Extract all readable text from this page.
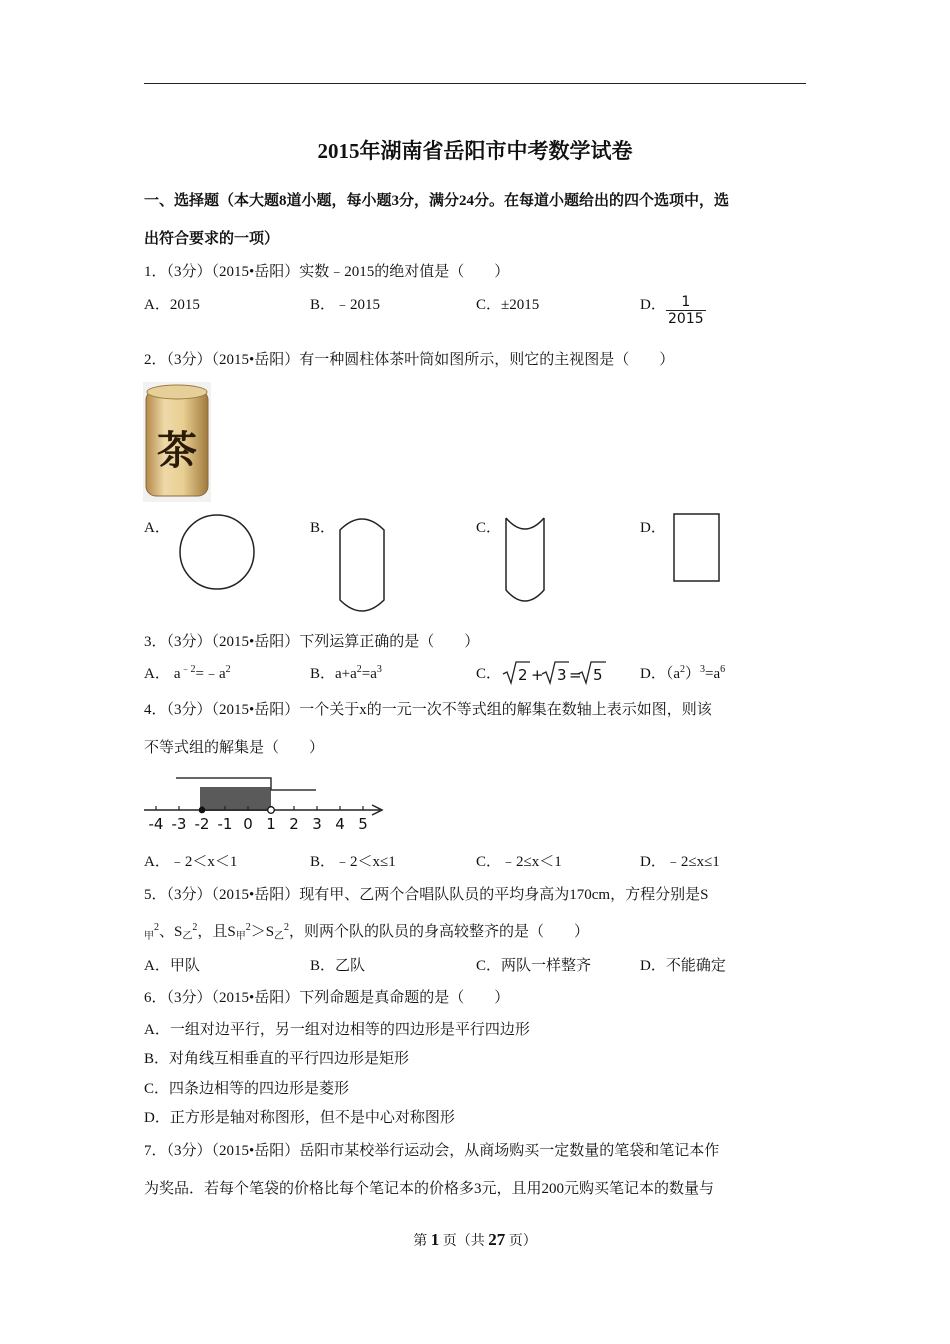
2015年湖南省岳阳市中考数学试卷
一、选择题（本大题8道小题，每小题3分，满分24分。在每道小题给出的四个选项中，选
出符合要求的一项）
1．（3分）（2015•岳阳）实数﹣2015的绝对值是（　　）
A．2015	B．﹣2015	C．±2015	D． $\frac{1}{2015}$
2．（3分）（2015•岳阳）有一种圆柱体茶叶筒如图所示，则它的主视图是（　　）
茶
A．	B．	C．	D．
3．（3分）（2015•岳阳）下列运算正确的是（　　）
A． $a^{﹣2}=﹣a^2$	B．$a+a^2=a^3$	C． 2 + 3 = 5 D．$(a^2)^3=a^6$
4．（3分）（2015•岳阳）一个关于x的一元一次不等式组的解集在数轴上表示如图，则该
不等式组的解集是（　　）
-4 -3 -2 -1 0 1 2 3 4 5
A．﹣2＜x＜1	B．﹣2＜x≤1	C．﹣2≤x＜1	D．﹣2≤x≤1
5．（3分）（2015•岳阳）现有甲、乙两个合唱队队员的平均身高为170cm，方程分别是S
$_甲^2$、$S_乙^2$，且$S_甲^2>S_乙^2$，则两个队的队员的身高较整齐的是（　　）
A．甲队	B．乙队	C．两队一样整齐	D．不能确定
6．（3分）（2015•岳阳）下列命题是真命题的是（　　）
A．一组对边平行，另一组对边相等的四边形是平行四边形
B．对角线互相垂直的平行四边形是矩形
C．四条边相等的四边形是菱形
D．正方形是轴对称图形，但不是中心对称图形
7．（3分）（2015•岳阳）岳阳市某校举行运动会，从商场购买一定数量的笔袋和笔记本作
为奖品．若每个笔袋的价格比每个笔记本的价格多3元，且用200元购买笔记本的数量与
第 1 页（共 27 页）
